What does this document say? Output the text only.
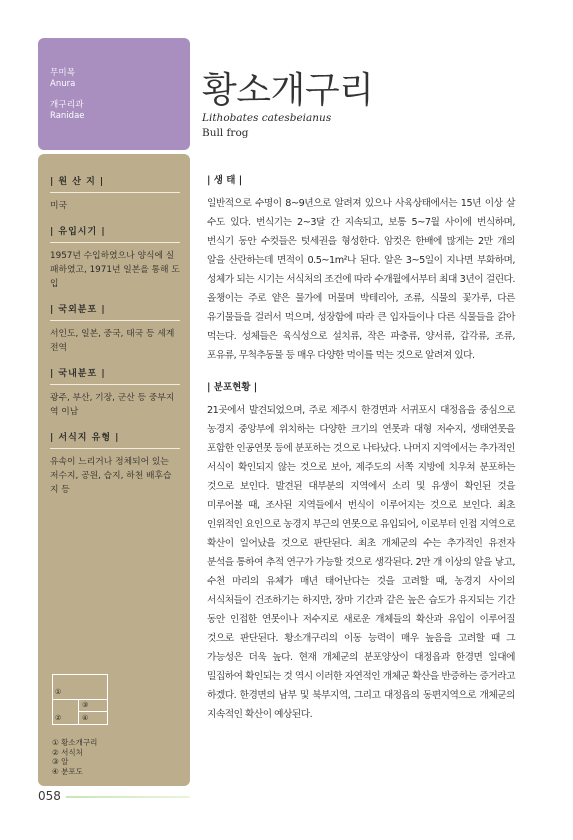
무미목
Anura
개구리과
Ranidae
| 원 산 지 |
미국
| 유입시기 |
1957년 수입하였으나 양식에 실패하였고, 1971년 일본을 통해 도입
| 국외분포 |
서인도, 일본, 중국, 태국 등 세계 전역
| 국내분포 |
광주, 부산, 기장, 군산 등 중부지역 이남
| 서식지 유형 |
유속이 느리거나 정체되어 있는 저수지, 공원, 습지, 하천 배후습지 등
①
②
③
④
① 황소개구리
② 서식처
③ 알
④ 분포도
058
황소개구리
Lithobates catesbeianus
Bull frog
| 생 태 |

일반적으로 수명이 8~9년으로 알려져 있으나 사육상태에서는 15년 이상 살 수도 있다. 번식기는 2~3달 간 지속되고, 보통 5~7월 사이에 번식하며, 번식기 동안 수컷들은 텃세권을 형성한다. 암컷은 한배에 많게는 2만 개의 알을 산란하는데 면적이 0.5~1m²나 된다. 알은 3~5일이 지나면 부화하며, 성체가 되는 시기는 서식처의 조건에 따라 수개월에서부터 최대 3년이 걸린다. 올챙이는 주로 얕은 물가에 머물며 박테리아, 조류, 식물의 꽃가루, 다른 유기물들을 걸러서 먹으며, 성장함에 따라 큰 입자들이나 다른 식물들을 갉아 먹는다. 성체들은 육식성으로 설치류, 작은 파충류, 양서류, 갑각류, 조류, 포유류, 무척추동물 등 매우 다양한 먹이를 먹는 것으로 알려져 있다.

| 분포현황 |

21곳에서 발견되었으며, 주로 제주시 한경면과 서귀포시 대정읍을 중심으로 농경지 중앙부에 위치하는 다양한 크기의 연못과 대형 저수지, 생태연못을 포함한 인공연못 등에 분포하는 것으로 나타났다. 나머지 지역에서는 추가적인 서식이 확인되지 않는 것으로 보아, 제주도의 서쪽 지방에 치우쳐 분포하는 것으로 보인다. 발견된 대부분의 지역에서 소리 및 유생이 확인된 것을 미루어볼 때, 조사된 지역들에서 번식이 이루어지는 것으로 보인다. 최초 인위적인 요인으로 농경지 부근의 연못으로 유입되어, 이로부터 인접 지역으로 확산이 일어났을 것으로 판단된다. 최초 개체군의 수는 추가적인 유전자 분석을 통하여 추적 연구가 가능할 것으로 생각된다. 2만 개 이상의 알을 낳고, 수천 마리의 유체가 매년 태어난다는 것을 고려할 때, 농경지 사이의 서식처들이 건조하기는 하지만, 장마 기간과 같은 높은 습도가 유지되는 기간 동안 인접한 연못이나 저수지로 새로운 개체들의 확산과 유입이 이루어질 것으로 판단된다. 황소개구리의 이동 능력이 매우 높음을 고려할 때 그 가능성은 더욱 높다. 현재 개체군의 분포양상이 대정읍과 한경면 일대에 밀집하여 확인되는 것 역시 이러한 자연적인 개체군 확산을 반증하는 증거라고 하겠다. 한경면의 남부 및 북부지역, 그리고 대정읍의 동편지역으로 개체군의 지속적인 확산이 예상된다.
